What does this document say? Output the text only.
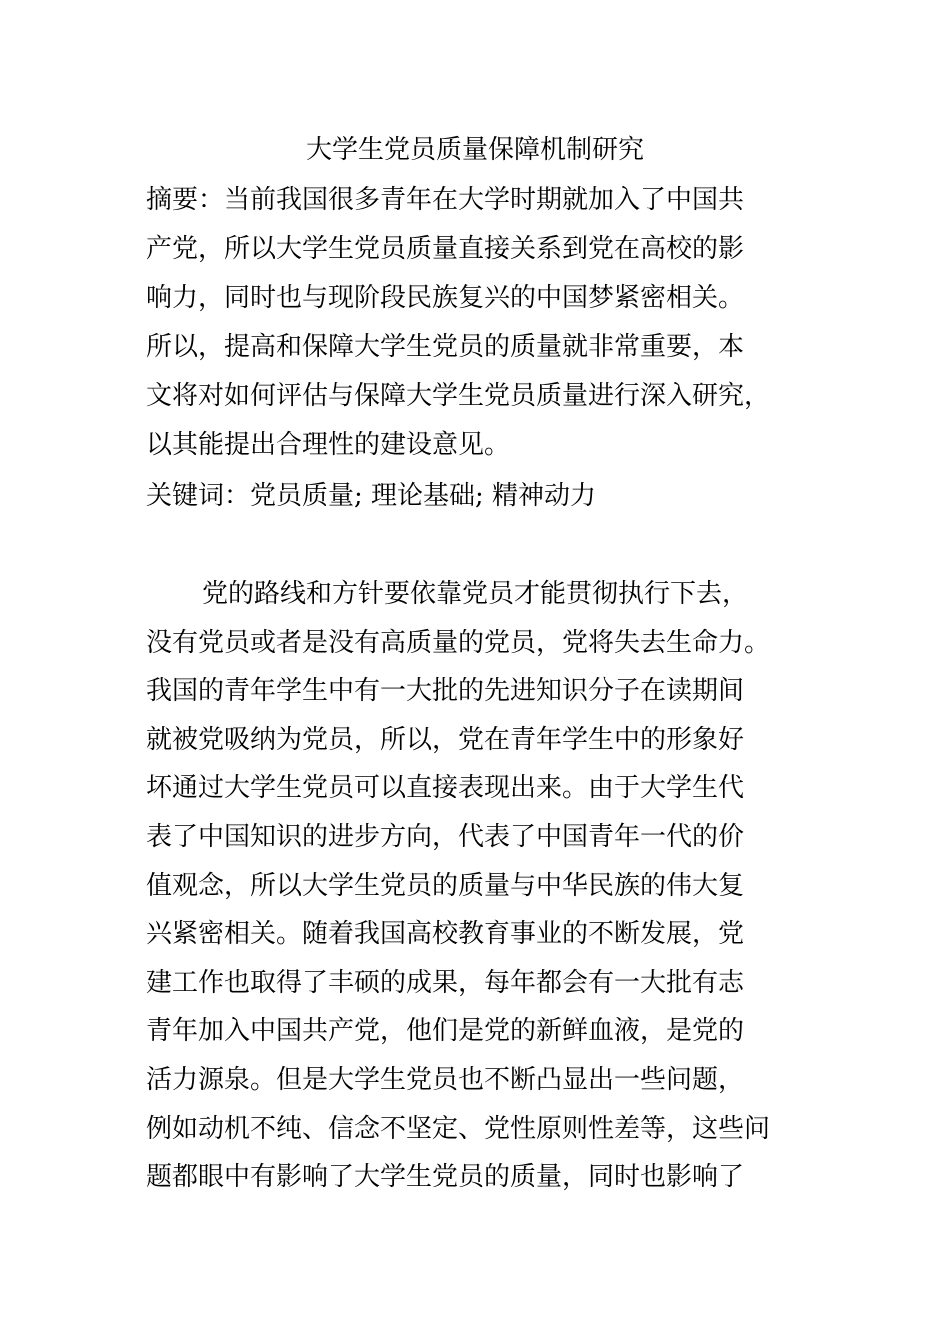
大学生党员质量保障机制研究
摘要：当前我国很多青年在大学时期就加入了中国共
产党，所以大学生党员质量直接关系到党在高校的影
响力，同时也与现阶段民族复兴的中国梦紧密相关。
所以，提高和保障大学生党员的质量就非常重要，本
文将对如何评估与保障大学生党员质量进行深入研究，
以其能提出合理性的建设意见。
关键词：党员质量; 理论基础; 精神动力
党的路线和方针要依靠党员才能贯彻执行下去，
没有党员或者是没有高质量的党员，党将失去生命力。
我国的青年学生中有一大批的先进知识分子在读期间
就被党吸纳为党员，所以，党在青年学生中的形象好
坏通过大学生党员可以直接表现出来。由于大学生代
表了中国知识的进步方向，代表了中国青年一代的价
值观念，所以大学生党员的质量与中华民族的伟大复
兴紧密相关。随着我国高校教育事业的不断发展，党
建工作也取得了丰硕的成果，每年都会有一大批有志
青年加入中国共产党，他们是党的新鲜血液，是党的
活力源泉。但是大学生党员也不断凸显出一些问题，
例如动机不纯、信念不坚定、党性原则性差等，这些问
题都眼中有影响了大学生党员的质量，同时也影响了
